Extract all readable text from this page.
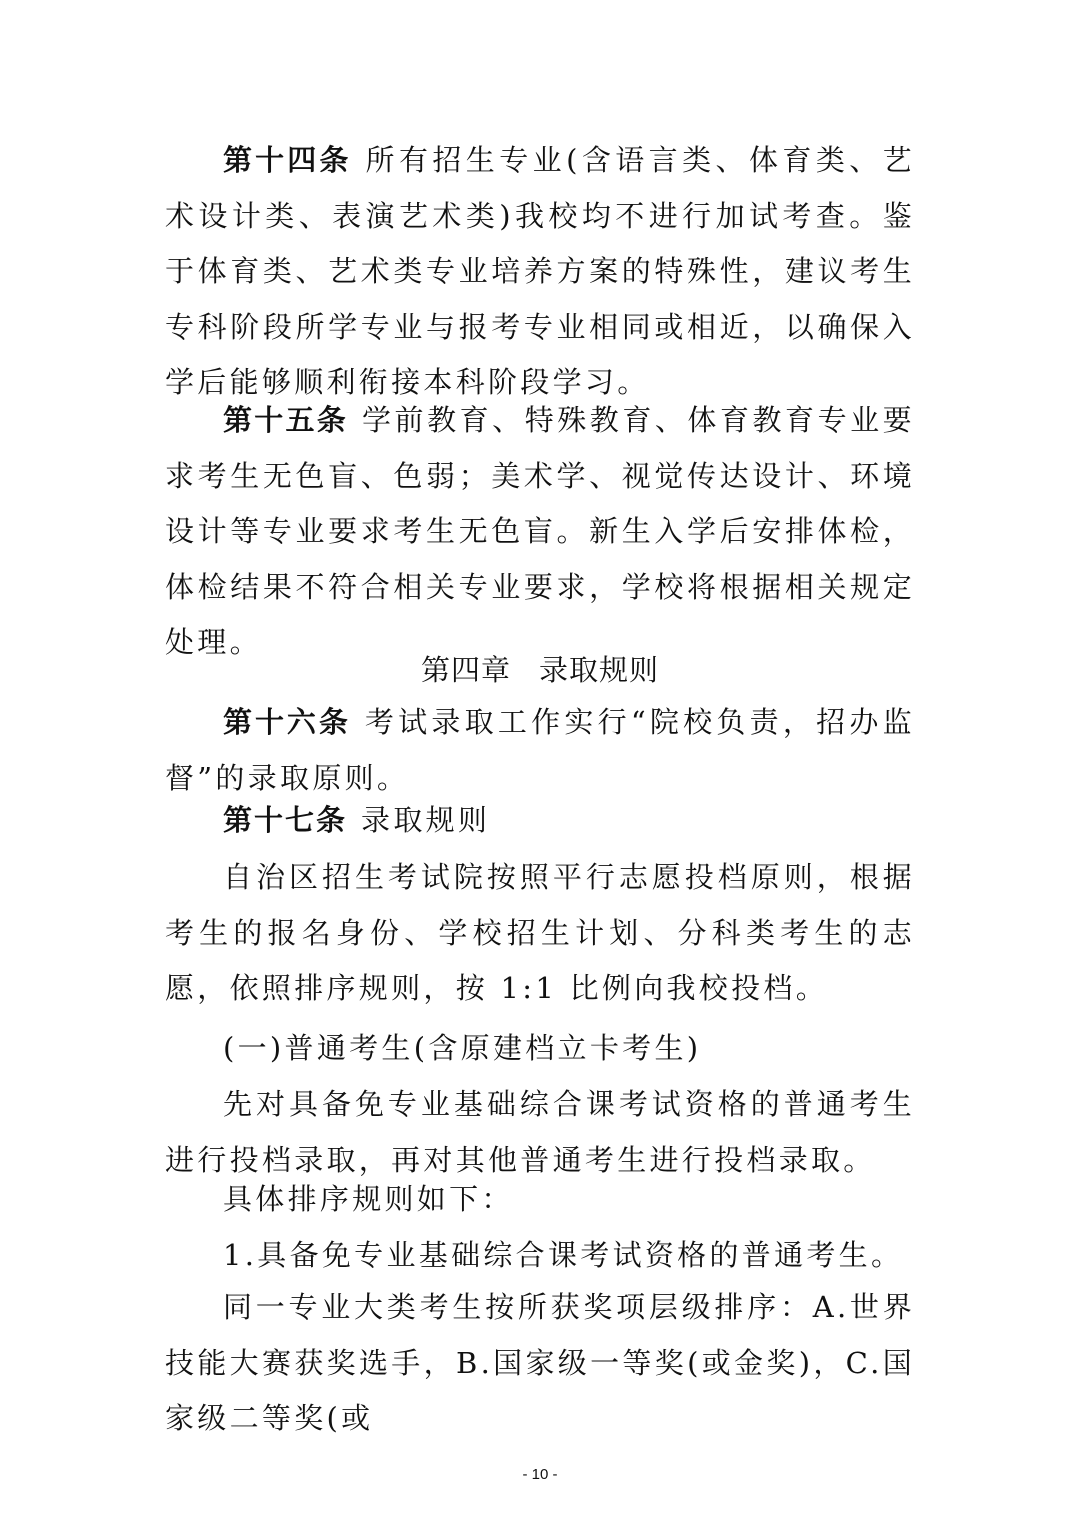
第十四条 所有招生专业(含语言类、体育类、艺术设计类、表演艺术类)我校均不进行加试考查。鉴于体育类、艺术类专业培养方案的特殊性，建议考生专科阶段所学专业与报考专业相同或相近，以确保入学后能够顺利衔接本科阶段学习。

第十五条 学前教育、特殊教育、体育教育专业要求考生无色盲、色弱；美术学、视觉传达设计、环境设计等专业要求考生无色盲。新生入学后安排体检，体检结果不符合相关专业要求，学校将根据相关规定处理。

第四章 录取规则

第十六条 考试录取工作实行“院校负责，招办监督”的录取原则。

第十七条 录取规则

自治区招生考试院按照平行志愿投档原则，根据考生的报名身份、学校招生计划、分科类考生的志愿，依照排序规则，按 1:1 比例向我校投档。

(一)普通考生(含原建档立卡考生)

先对具备免专业基础综合课考试资格的普通考生进行投档录取，再对其他普通考生进行投档录取。

具体排序规则如下：

1.具备免专业基础综合课考试资格的普通考生。

同一专业大类考生按所获奖项层级排序：A.世界技能大赛获奖选手，B.国家级一等奖(或金奖)，C.国家级二等奖(或

- 10 -
